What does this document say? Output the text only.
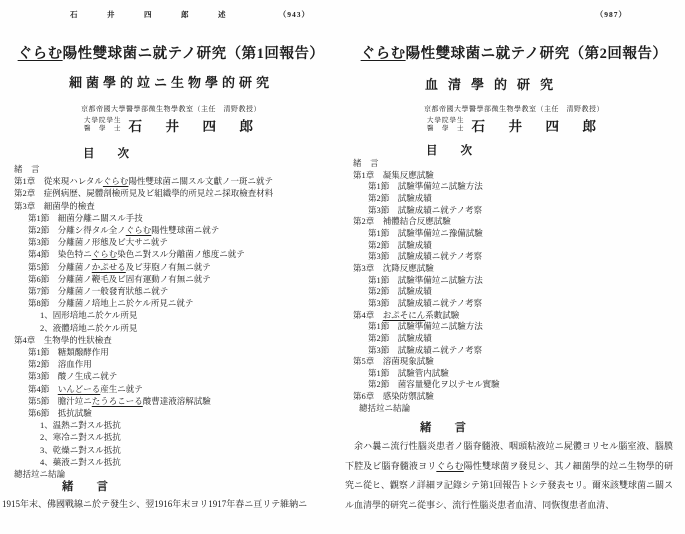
石　井　四　郎　述	（943）
ぐらむ陽性雙球菌ニ就テノ研究（第1回報告）
細菌學的竝ニ生物學的研究
京都帝國大學醫學部微生物學教室（主任　清野教授）
大學院學生
醫　學　士 石　井　四　郎
目　　次
緒　言
第1章　從來現ハレタルぐらむ陽性雙球菌ニ關スル文獻ノ一斑ニ就テ
第2章　症例病歴、屍體剖檢所見及ビ組織學的所見竝ニ採取檢査材料
第3章　細菌學的檢査
第1節　細菌分離ニ關スル手技
第2節　分離シ得タル全ノぐらむ陽性雙球菌ニ就テ
第3節　分離菌ノ形態及ビ大サニ就テ
第4節　染色特ニぐらむ染色ニ對スル分離菌ノ態度ニ就テ
第5節　分離菌ノかぷせる及ビ芽胞ノ有無ニ就テ
第6節　分離菌ノ鞭毛及ビ固有運動ノ有無ニ就テ
第7節　分離菌ノ一般發育狀態ニ就テ
第8節　分離菌ノ培地上ニ於ケル所見ニ就テ
1、固形培地ニ於ケル所見
2、液體培地ニ於ケル所見
第4章　生物學的性狀檢査
第1節　糖類醱酵作用
第2節　溶血作用
第3節　酸ノ生成ニ就テ
第4節　いんどーる産生ニ就テ
第5節　膽汁竝ニたうろこーる酸曹達液溶解試驗
第6節　抵抗試驗
1、温熱ニ對スル抵抗
2、寒冷ニ對スル抵抗
3、乾燥ニ對スル抵抗
4、藥液ニ對スル抵抗
總括竝ニ結論
緒　　言

1915年末、佛國戰線ニ於テ發生シ、翌1916年末ヨリ1917年春ニ亘リテ維納ニ

（987）
ぐらむ陽性雙球菌ニ就テノ研究（第2回報告）
血清學的研究
京都帝國大學醫學部微生物學教室（主任　清野教授）
大學院學生
醫　學　士 石　井　四　郎
目　　次
緒　言
第1章　凝集反應試驗
第1節　試驗準備竝ニ試驗方法
第2節　試驗成績
第3節　試驗成績ニ就テノ考察
第2章　補體結合反應試驗
第1節　試驗準備竝ニ豫備試驗
第2節　試驗成績
第3節　試驗成績ニ就テノ考察
第3章　沈降反應試驗
第1節　試驗準備竝ニ試驗方法
第2節　試驗成績
第3節　試驗成績ニ就テノ考察
第4章　おぷそにん系數試驗
第1節　試驗準備竝ニ試驗方法
第2節　試驗成績
第3節　試驗成績ニ就テノ考察
第5章　溶菌現象試驗
第1節　試驗管内試驗
第2節　菌容量變化ヲ以テセル實驗
第6章　感染防禦試驗
總括竝ニ結論
緒　　言

余ハ曩ニ流行性腦炎患者ノ腦脊髓液、咽頭粘液竝ニ屍體ヨリセル腦室液、腦膜下腔及ビ腦脊髓液ヨリぐらむ陽性雙球菌ヲ發見シ、其ノ細菌學的竝ニ生物學的研究ニ從ヒ、觀察ノ詳細ヲ記錄シテ第1回報告トシテ發表セリ。爾來該雙球菌ニ關スル血清學的研究ニ從事シ、流行性腦炎患者血清、同恢復患者血清、
